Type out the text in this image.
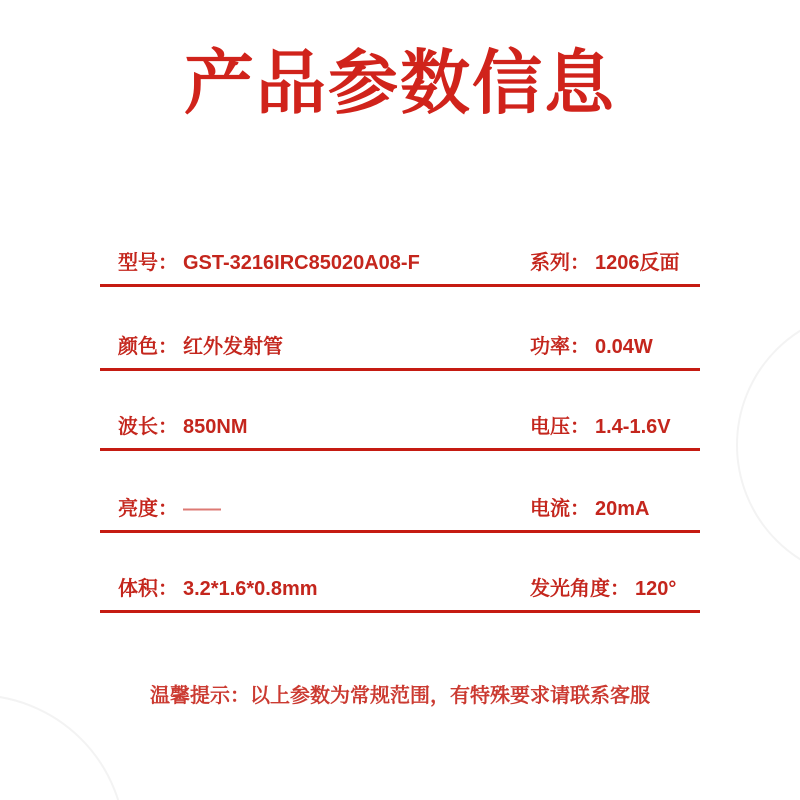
产品参数信息
型号： GST-3216IRC85020A08-F	系列： 1206反面
颜色： 红外发射管	功率： 0.04W
波长： 850NM	电压： 1.4-1.6V
亮度： ——	电流： 20mA
体积： 3.2*1.6*0.8mm	发光角度： 120°
温馨提示：以上参数为常规范围，有特殊要求请联系客服
